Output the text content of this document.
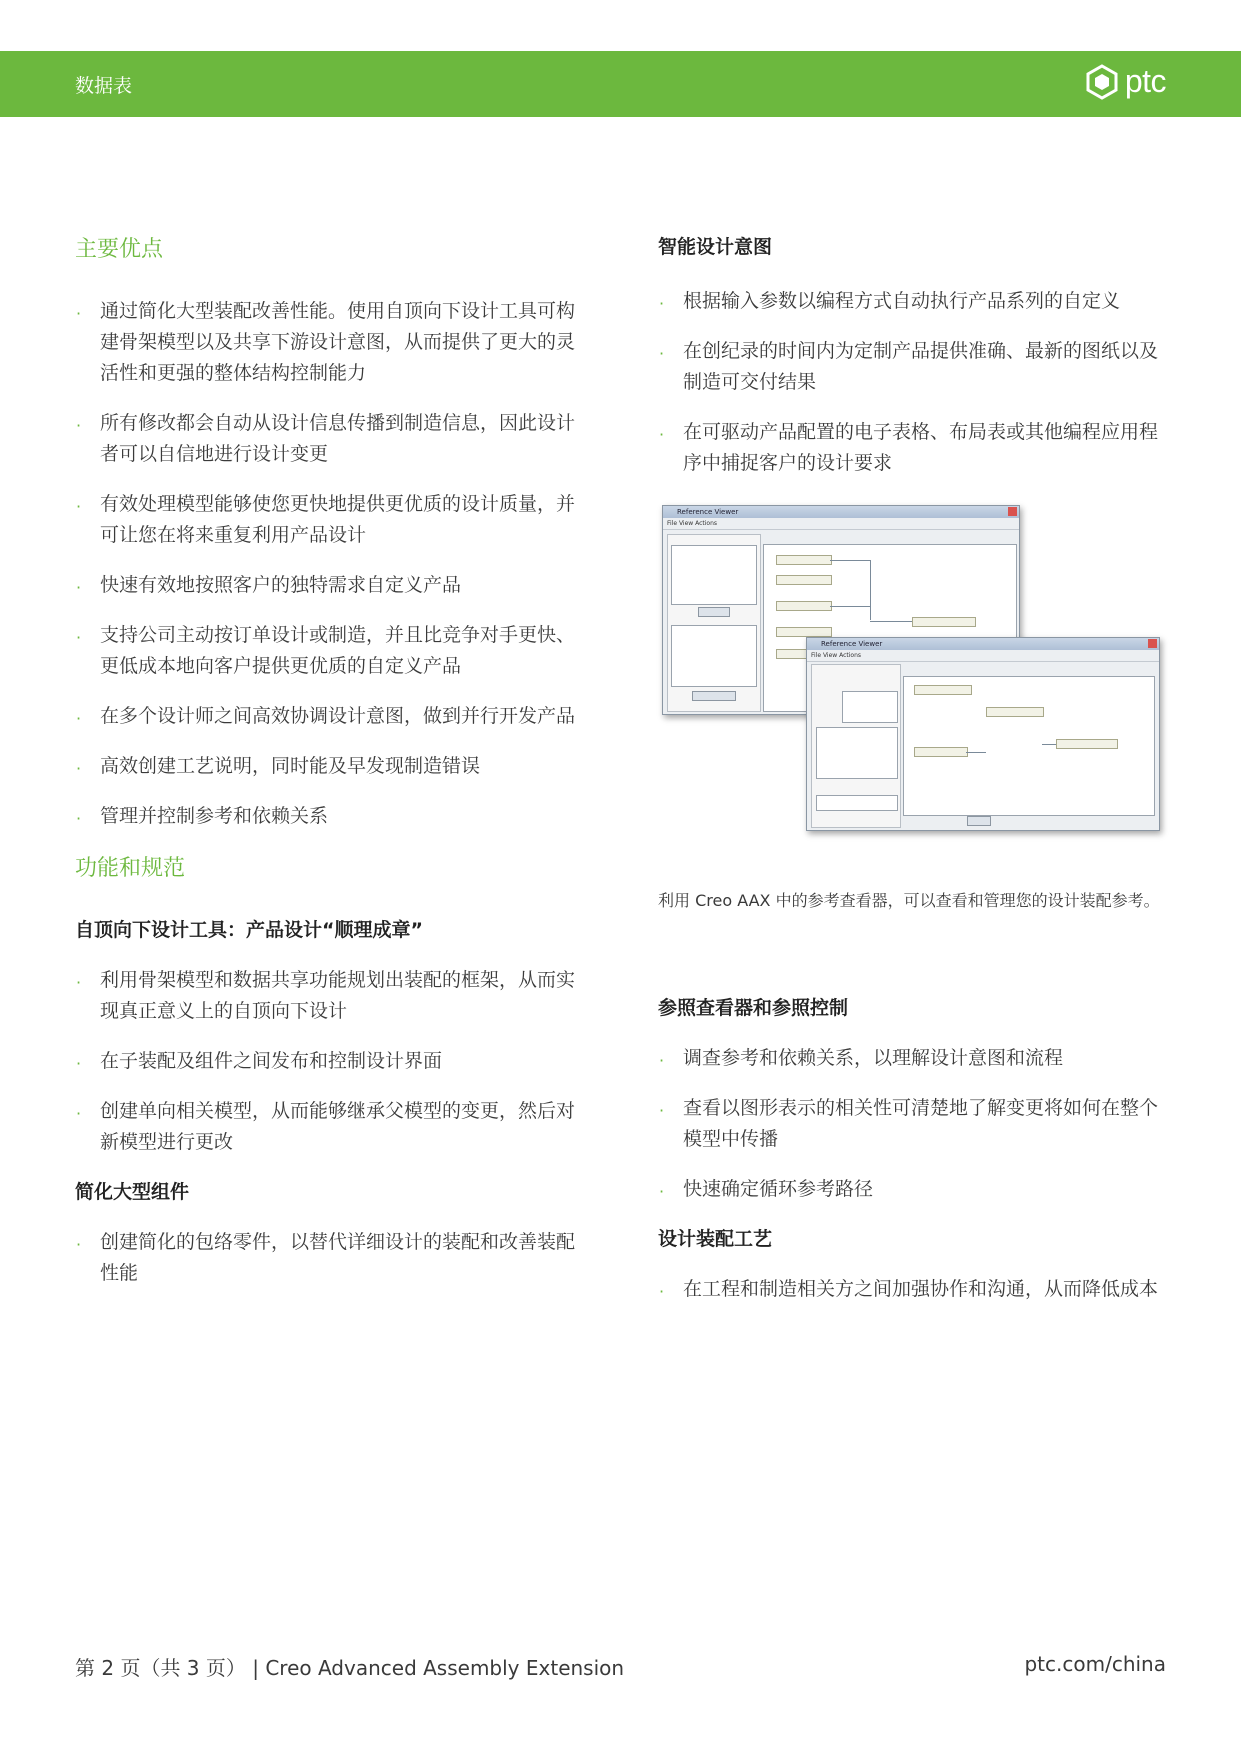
数据表	ptc
主要优点
· 通过简化大型装配改善性能。使用自顶向下设计工具可构建骨架模型以及共享下游设计意图，从而提供了更大的灵活性和更强的整体结构控制能力
· 所有修改都会自动从设计信息传播到制造信息，因此设计者可以自信地进行设计变更
· 有效处理模型能够使您更快地提供更优质的设计质量，并可让您在将来重复利用产品设计
· 快速有效地按照客户的独特需求自定义产品
· 支持公司主动按订单设计或制造，并且比竞争对手更快、更低成本地向客户提供更优质的自定义产品
· 在多个设计师之间高效协调设计意图，做到并行开发产品
· 高效创建工艺说明，同时能及早发现制造错误
· 管理并控制参考和依赖关系
功能和规范
自顶向下设计工具：产品设计“顺理成章”
· 利用骨架模型和数据共享功能规划出装配的框架，从而实现真正意义上的自顶向下设计
· 在子装配及组件之间发布和控制设计界面
· 创建单向相关模型，从而能够继承父模型的变更，然后对新模型进行更改
简化大型组件
· 创建简化的包络零件，以替代详细设计的装配和改善装配性能
智能设计意图
· 根据输入参数以编程方式自动执行产品系列的自定义
· 在创纪录的时间内为定制产品提供准确、最新的图纸以及制造可交付结果
· 在可驱动产品配置的电子表格、布局表或其他编程应用程序中捕捉客户的设计要求
Reference Viewer
File View Actions
Reference Viewer
File View Actions
利用 Creo AAX 中的参考查看器，可以查看和管理您的设计装配参考。
参照查看器和参照控制
· 调查参考和依赖关系，以理解设计意图和流程
· 查看以图形表示的相关性可清楚地了解变更将如何在整个模型中传播
· 快速确定循环参考路径
设计装配工艺
· 在工程和制造相关方之间加强协作和沟通，从而降低成本
第 2 页（共 3 页） | Creo Advanced Assembly Extension	ptc.com/china
